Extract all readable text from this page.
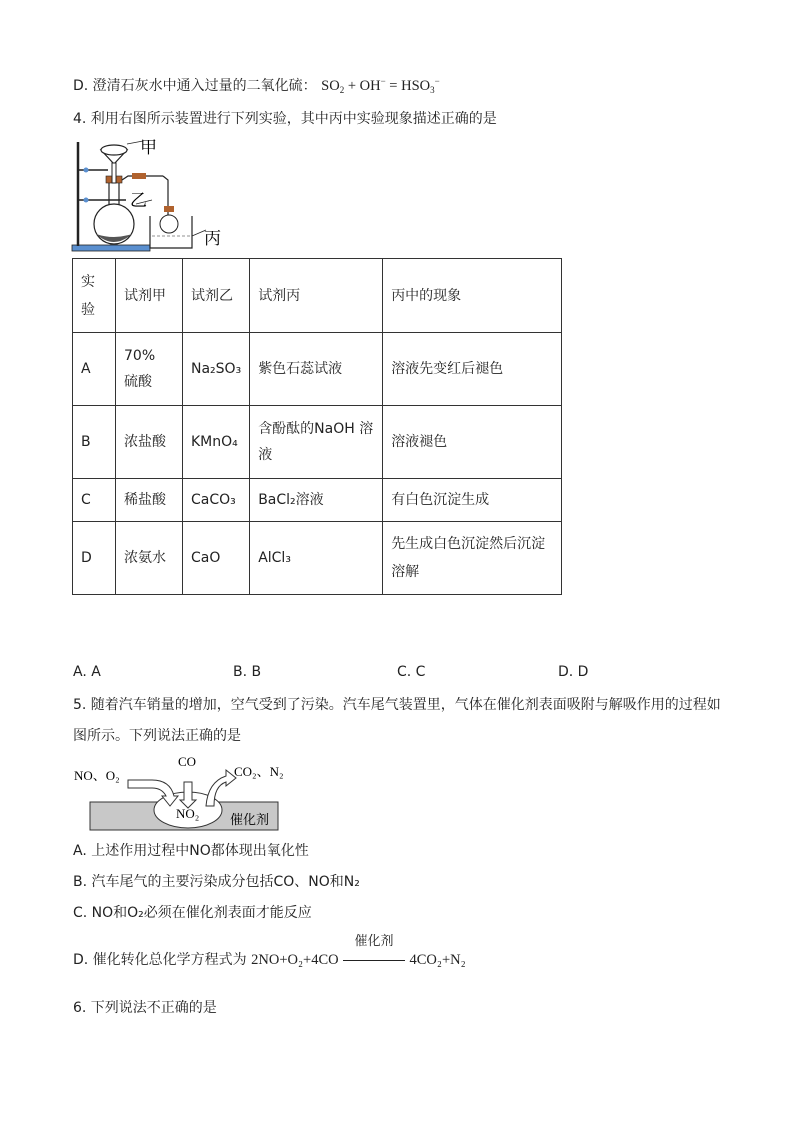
D. 澄清石灰水中通入过量的二氧化硫： $SO_2 + OH^- = HSO_3^-$
4. 利用右图所示装置进行下列实验，其中丙中实验现象描述正确的是
甲
乙
丙
实验	试剂甲	试剂乙	试剂丙	丙中的现象
A	70%硫酸	Na₂SO₃	紫色石蕊试液	溶液先变红后褪色
B	浓盐酸	KMnO₄	含酚酞的NaOH 溶液	溶液褪色
C	稀盐酸	CaCO₃	BaCl₂溶液	有白色沉淀生成
D	浓氨水	CaO	AlCl₃	先生成白色沉淀然后沉淀溶解
A. A	B. B	C. C	D. D
5. 随着汽车销量的增加，空气受到了污染。汽车尾气装置里，气体在催化剂表面吸附与解吸作用的过程如
图所示。下列说法正确的是
NO、O₂
CO
CO₂、N₂
NO₂ 催化剂
A. 上述作用过程中NO都体现出氧化性
B. 汽车尾气的主要污染成分包括CO、NO和N₂
C. NO和O₂必须在催化剂表面才能反应
D. 催化转化总化学方程式为 2NO+O₂+4CO
催化剂
4CO₂+N₂
6. 下列说法不正确的是
